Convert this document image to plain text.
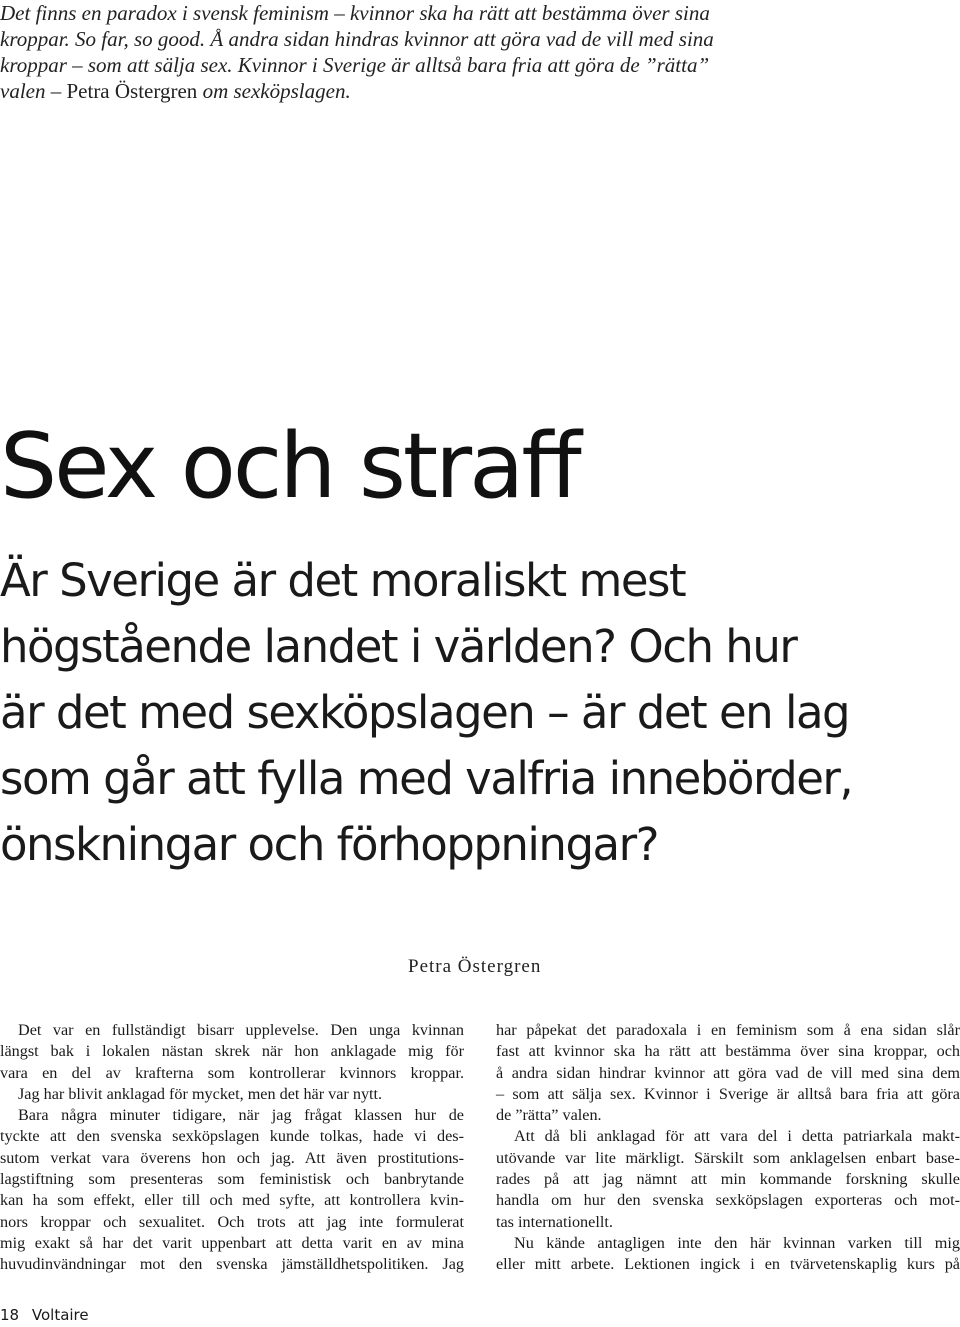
Det finns en paradox i svensk feminism – kvinnor ska ha rätt att bestämma över sina kroppar. So far, so good. Å andra sidan hindras kvinnor att göra vad de vill med sina kroppar – som att sälja sex. Kvinnor i Sverige är alltså bara fria att göra de ”rätta” valen – Petra Östergren om sexköpslagen.
Sex och straff
Är Sverige är det moraliskt mest
högstående landet i världen? Och hur
är det med sexköpslagen – är det en lag
som går att fylla med valfria innebörder,
önskningar och förhoppningar?

Petra Östergren

Det var en fullständigt bisarr upplevelse. Den unga kvinnan
längst bak i lokalen nästan skrek när hon anklagade mig för
vara en del av krafterna som kontrollerar kvinnors kroppar.
Jag har blivit anklagad för mycket, men det här var nytt.
Bara några minuter tidigare, när jag frågat klassen hur de
tyckte att den svenska sexköpslagen kunde tolkas, hade vi des-
sutom verkat vara överens hon och jag. Att även prostitutions-
lagstiftning som presenteras som feministisk och banbrytande
kan ha som effekt, eller till och med syfte, att kontrollera kvin-
nors kroppar och sexualitet. Och trots att jag inte formulerat
mig exakt så har det varit uppenbart att detta varit en av mina
huvudinvändningar mot den svenska jämställdhetspolitiken. Jag
har påpekat det paradoxala i en feminism som å ena sidan slår
fast att kvinnor ska ha rätt att bestämma över sina kroppar, och
å andra sidan hindrar kvinnor att göra vad de vill med sina dem
– som att sälja sex. Kvinnor i Sverige är alltså bara fria att göra
de ”rätta” valen.
Att då bli anklagad för att vara del i detta patriarkala makt-
utövande var lite märkligt. Särskilt som anklagelsen enbart base-
rades på att jag nämnt att min kommande forskning skulle
handla om hur den svenska sexköpslagen exporteras och mot-
tas internationellt.
Nu kände antagligen inte den här kvinnan varken till mig
eller mitt arbete. Lektionen ingick i en tvärvetenskaplig kurs på
18 Voltaire
